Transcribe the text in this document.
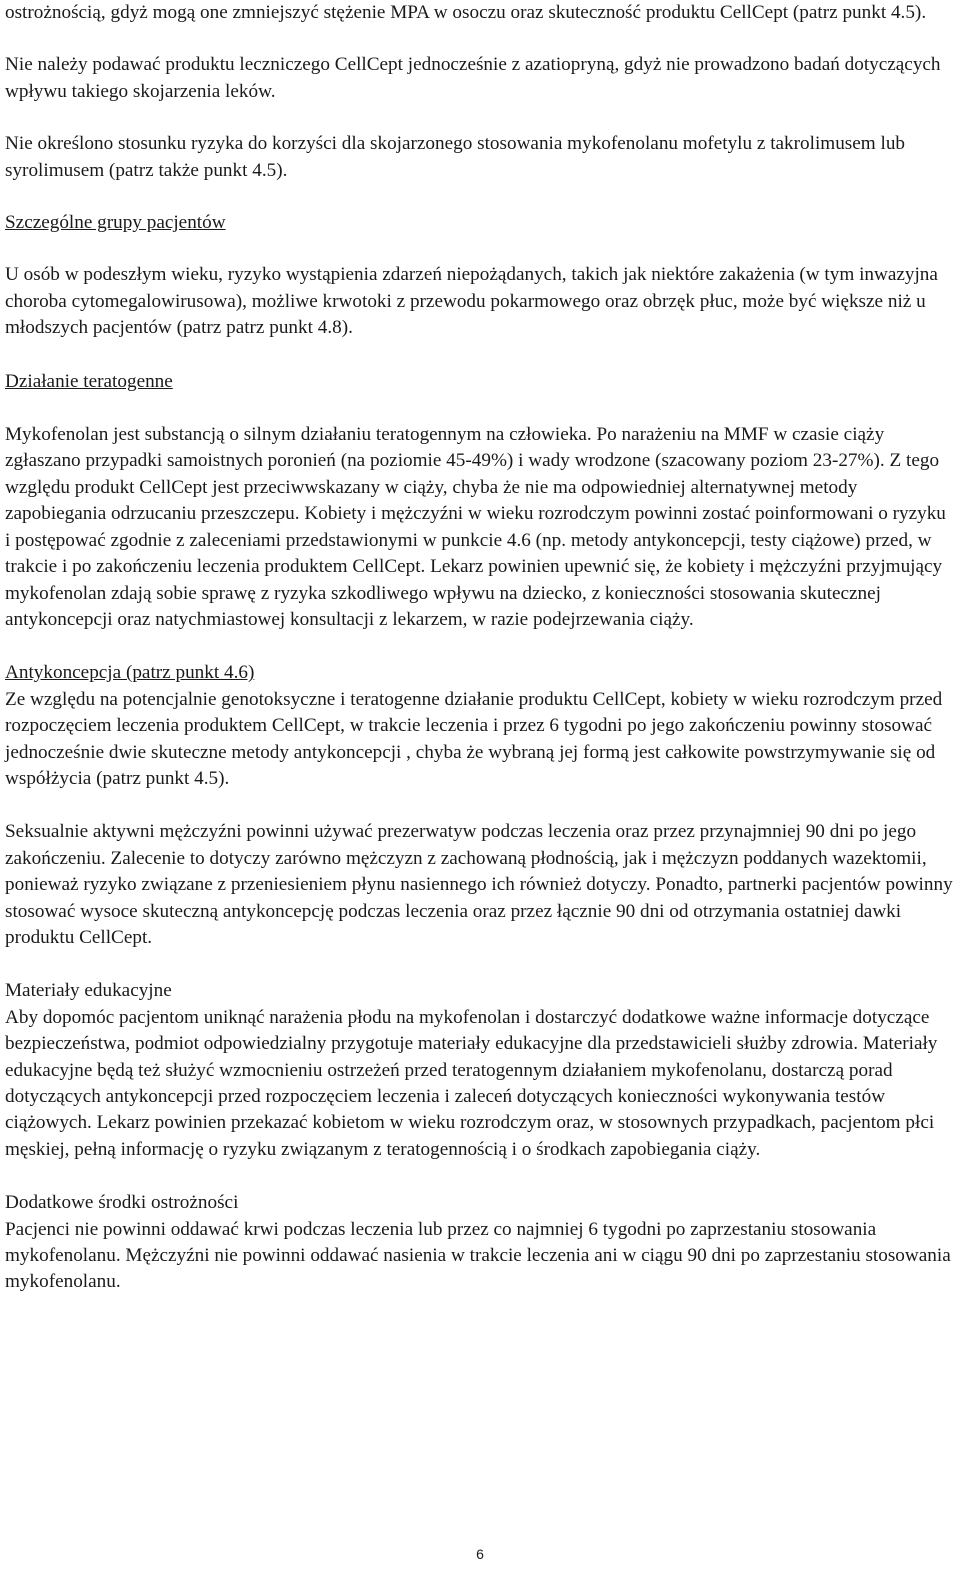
ostrożnością, gdyż mogą one zmniejszyć stężenie MPA w osoczu oraz skuteczność produktu CellCept (patrz punkt 4.5).

Nie należy podawać produktu leczniczego CellCept jednocześnie z azatiopryną, gdyż nie prowadzono badań dotyczących wpływu takiego skojarzenia leków.

Nie określono stosunku ryzyka do korzyści dla skojarzonego stosowania mykofenolanu mofetylu z takrolimusem lub syrolimusem (patrz także punkt 4.5).

Szczególne grupy pacjentów

U osób w podeszłym wieku, ryzyko wystąpienia zdarzeń niepożądanych, takich jak niektóre zakażenia (w tym inwazyjna choroba cytomegalowirusowa), możliwe krwotoki z przewodu pokarmowego oraz obrzęk płuc, może być większe niż u młodszych pacjentów (patrz patrz punkt 4.8).

Działanie teratogenne

Mykofenolan jest substancją o silnym działaniu teratogennym na człowieka. Po narażeniu na MMF w czasie ciąży zgłaszano przypadki samoistnych poronień (na poziomie 45-49%) i wady wrodzone (szacowany poziom 23-27%). Z tego względu produkt CellCept jest przeciwwskazany w ciąży, chyba że nie ma odpowiedniej alternatywnej metody zapobiegania odrzucaniu przeszczepu. Kobiety i mężczyźni w wieku rozrodczym powinni zostać poinformowani o ryzyku i postępować zgodnie z zaleceniami przedstawionymi w punkcie 4.6 (np. metody antykoncepcji, testy ciążowe) przed, w trakcie i po zakończeniu leczenia produktem CellCept. Lekarz powinien upewnić się, że kobiety i mężczyźni przyjmujący mykofenolan zdają sobie sprawę z ryzyka szkodliwego wpływu na dziecko, z konieczności stosowania skutecznej antykoncepcji oraz natychmiastowej konsultacji z lekarzem, w razie podejrzewania ciąży.

Antykoncepcja (patrz punkt 4.6)

Ze względu na potencjalnie genotoksyczne i teratogenne działanie produktu CellCept, kobiety w wieku rozrodczym przed rozpoczęciem leczenia produktem CellCept, w trakcie leczenia i przez 6 tygodni po jego zakończeniu powinny stosować jednocześnie dwie skuteczne metody antykoncepcji , chyba że wybraną jej formą jest całkowite powstrzymywanie się od współżycia (patrz punkt 4.5).

Seksualnie aktywni mężczyźni powinni używać prezerwatyw podczas leczenia oraz przez przynajmniej 90 dni po jego zakończeniu. Zalecenie to dotyczy zarówno mężczyzn z zachowaną płodnością, jak i mężczyzn poddanych wazektomii, ponieważ ryzyko związane z przeniesieniem płynu nasiennego ich również dotyczy. Ponadto, partnerki pacjentów powinny stosować wysoce skuteczną antykoncepcję podczas leczenia oraz przez łącznie 90 dni od otrzymania ostatniej dawki produktu CellCept.

Materiały edukacyjne

Aby dopomóc pacjentom uniknąć narażenia płodu na mykofenolan i dostarczyć dodatkowe ważne informacje dotyczące bezpieczeństwa, podmiot odpowiedzialny przygotuje materiały edukacyjne dla przedstawicieli służby zdrowia. Materiały edukacyjne będą też służyć wzmocnieniu ostrzeżeń przed teratogennym działaniem mykofenolanu, dostarczą porad dotyczących antykoncepcji przed rozpoczęciem leczenia i zaleceń dotyczących konieczności wykonywania testów ciążowych. Lekarz powinien przekazać kobietom w wieku rozrodczym oraz, w stosownych przypadkach, pacjentom płci męskiej, pełną informację o ryzyku związanym z teratogennością i o środkach zapobiegania ciąży.

Dodatkowe środki ostrożności

Pacjenci nie powinni oddawać krwi podczas leczenia lub przez co najmniej 6 tygodni po zaprzestaniu stosowania mykofenolanu. Mężczyźni nie powinni oddawać nasienia w trakcie leczenia ani w ciągu 90 dni po zaprzestaniu stosowania mykofenolanu.

6
